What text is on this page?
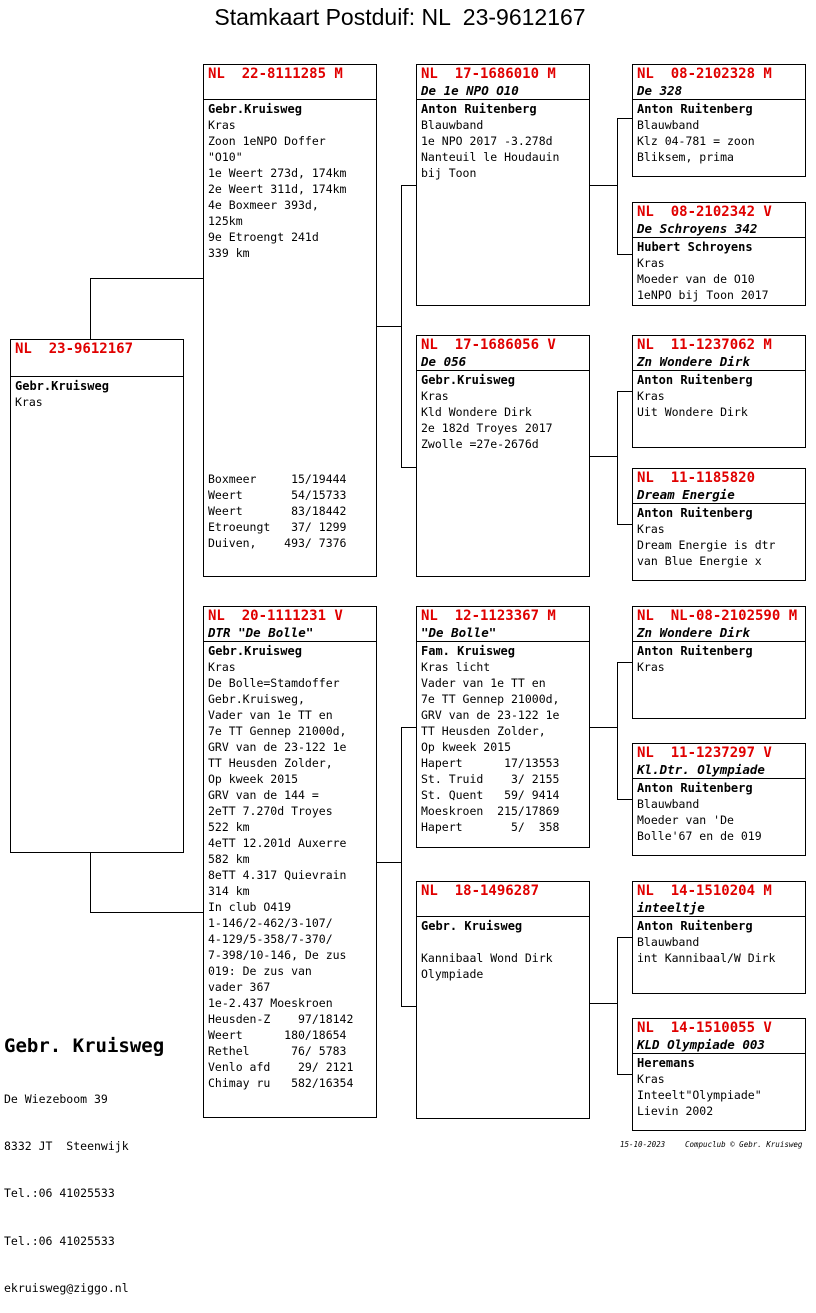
Stamkaart Postduif: NL  23-9612167
NL  23-9612167
Gebr.Kruisweg
Kras
NL  22-8111285 M
Gebr.Kruisweg
Kras
Zoon 1eNPO Doffer
"O10"
1e Weert 273d, 174km
2e Weert 311d, 174km
4e Boxmeer 393d,
125km
9e Etroengt 241d
339 km
Boxmeer     15/19444
Weert       54/15733
Weert       83/18442
Etroeungt   37/ 1299
Duiven,    493/ 7376
NL  20-1111231 V
DTR "De Bolle"
Gebr.Kruisweg
Kras
De Bolle=Stamdoffer
Gebr.Kruisweg,
Vader van 1e TT en
7e TT Gennep 21000d,
GRV van de 23-122 1e
TT Heusden Zolder,
Op kweek 2015
GRV van de 144 =
2eTT 7.270d Troyes
522 km
4eTT 12.201d Auxerre
582 km
8eTT 4.317 Quievrain
314 km
In club O419
1-146/2-462/3-107/
4-129/5-358/7-370/
7-398/10-146, De zus
019: De zus van
vader 367
1e-2.437 Moeskroen
Heusden-Z    97/18142
Weert      180/18654
Rethel      76/ 5783
Venlo afd    29/ 2121
Chimay ru   582/16354
NL  17-1686010 M
De 1e NPO O10
Anton Ruitenberg
Blauwband
1e NPO 2017 -3.278d
Nanteuil le Houdauin
bij Toon
NL  17-1686056 V
De 056
Gebr.Kruisweg
Kras
Kld Wondere Dirk
2e 182d Troyes 2017
Zwolle =27e-2676d
NL  12-1123367 M
"De Bolle"
Fam. Kruisweg
Kras licht
Vader van 1e TT en
7e TT Gennep 21000d,
GRV van de 23-122 1e
TT Heusden Zolder,
Op kweek 2015
Hapert      17/13553
St. Truid    3/ 2155
St. Quent   59/ 9414
Moeskroen  215/17869
Hapert       5/  358
NL  18-1496287
Gebr. Kruisweg

Kannibaal Wond Dirk
Olympiade
NL  08-2102328 M
De 328
Anton Ruitenberg
Blauwband
Klz 04-781 = zoon
Bliksem, prima
NL  08-2102342 V
De Schroyens 342
Hubert Schroyens
Kras
Moeder van de O10
1eNPO bij Toon 2017
NL  11-1237062 M
Zn Wondere Dirk
Anton Ruitenberg
Kras
Uit Wondere Dirk
NL  11-1185820
Dream Energie
Anton Ruitenberg
Kras
Dream Energie is dtr
van Blue Energie x
NL  NL-08-2102590 M
Zn Wondere Dirk
Anton Ruitenberg
Kras
NL  11-1237297 V
Kl.Dtr. Olympiade
Anton Ruitenberg
Blauwband
Moeder van 'De
Bolle'67 en de 019
NL  14-1510204 M
inteeltje
Anton Ruitenberg
Blauwband
int Kannibaal/W Dirk
NL  14-1510055 V
KLD Olympiade 003
Heremans
Kras
Inteelt"Olympiade"
Lievin 2002
Gebr. Kruisweg

De Wiezeboom 39

8332 JT  Steenwijk

Tel.:06 41025533

Tel.:06 41025533

ekruisweg@ziggo.nl

15-10-2023	Compuclub © Gebr. Kruisweg
